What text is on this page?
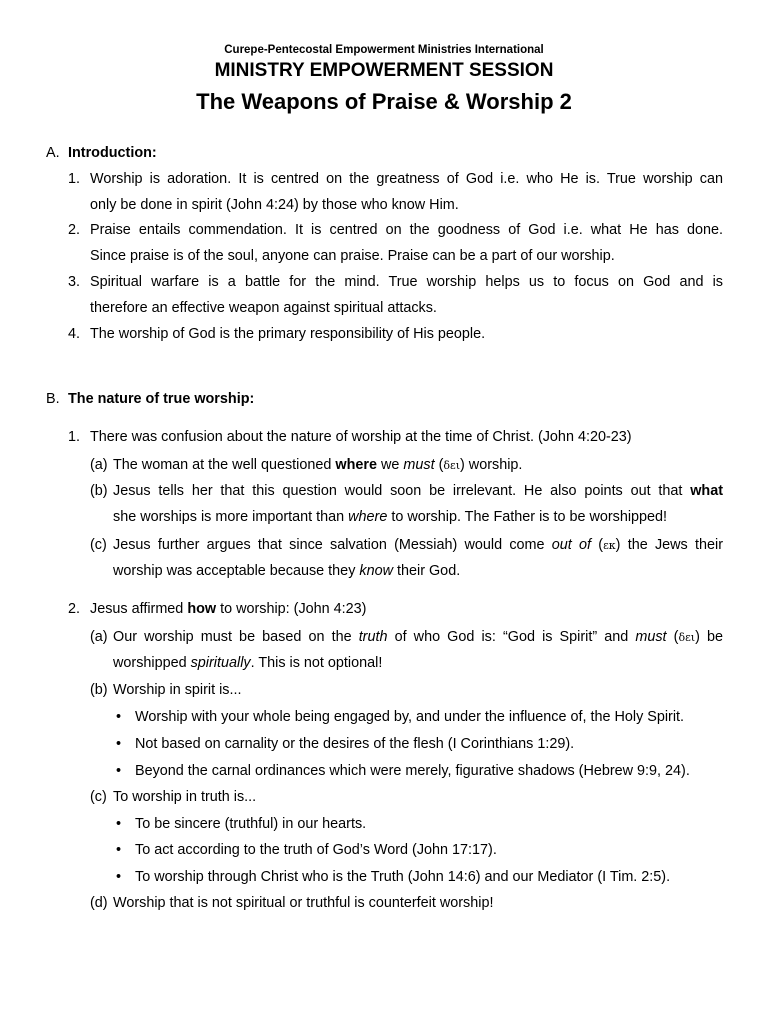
Curepe-Pentecostal Empowerment Ministries International
MINISTRY EMPOWERMENT SESSION
The Weapons of Praise & Worship 2
A. Introduction:
1. Worship is adoration. It is centred on the greatness of God i.e. who He is. True worship can
only be done in spirit (John 4:24) by those who know Him.
2. Praise entails commendation. It is centred on the goodness of God i.e. what He has done.
Since praise is of the soul, anyone can praise. Praise can be a part of our worship.
3. Spiritual warfare is a battle for the mind. True worship helps us to focus on God and is
therefore an effective weapon against spiritual attacks.
4. The worship of God is the primary responsibility of His people.
B. The nature of true worship:
1. There was confusion about the nature of worship at the time of Christ. (John 4:20-23)
(a) The woman at the well questioned where we must (δει) worship.
(b) Jesus tells her that this question would soon be irrelevant. He also points out that what
she worships is more important than where to worship. The Father is to be worshipped!
(c) Jesus further argues that since salvation (Messiah) would come out of (εκ) the Jews their
worship was acceptable because they know their God.
2. Jesus affirmed how to worship: (John 4:23)
(a) Our worship must be based on the truth of who God is: “God is Spirit” and must (δει) be
worshipped spiritually. This is not optional!
(b) Worship in spirit is...
• Worship with your whole being engaged by, and under the influence of, the Holy Spirit.
• Not based on carnality or the desires of the flesh (I Corinthians 1:29).
• Beyond the carnal ordinances which were merely, figurative shadows (Hebrew 9:9, 24).
(c) To worship in truth is...
• To be sincere (truthful) in our hearts.
• To act according to the truth of God’s Word (John 17:17).
• To worship through Christ who is the Truth (John 14:6) and our Mediator (I Tim. 2:5).
(d) Worship that is not spiritual or truthful is counterfeit worship!
